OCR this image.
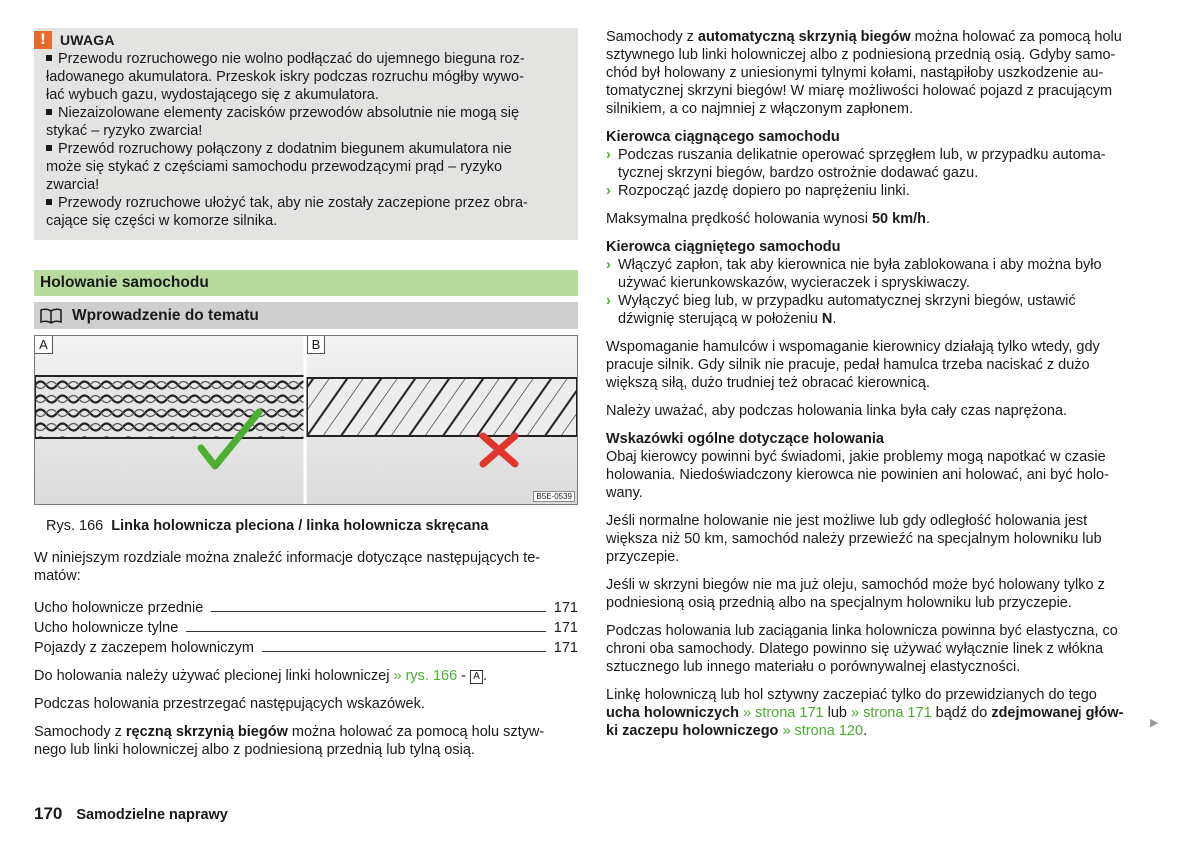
! UWAGA
Przewodu rozruchowego nie wolno podłączać do ujemnego bieguna roz-
ładowanego akumulatora. Przeskok iskry podczas rozruchu mógłby wywo-
łać wybuch gazu, wydostającego się z akumulatora.
Niezaizolowane elementy zacisków przewodów absolutnie nie mogą się
stykać – ryzyko zwarcia!
Przewód rozruchowy połączony z dodatnim biegunem akumulatora nie
może się stykać z częściami samochodu przewodzącymi prąd – ryzyko
zwarcia!
Przewody rozruchowe ułożyć tak, aby nie zostały zaczepione przez obra-
cające się części w komorze silnika.
Holowanie samochodu
Wprowadzenie do tematu
A	B
B5E-0539
Rys. 166 Linka holownicza pleciona / linka holownicza skręcana
W niniejszym rozdziale można znaleźć informacje dotyczące następujących te-
matów:
Ucho holownicze przednie	171
Ucho holownicze tylne	171
Pojazdy z zaczepem holowniczym	171
Do holowania należy używać plecionej linki holowniczej » rys. 166 - A .
Podczas holowania przestrzegać następujących wskazówek.
Samochody z ręczną skrzynią biegów można holować za pomocą holu sztyw-
nego lub linki holowniczej albo z podniesioną przednią lub tylną osią.
Samochody z automatyczną skrzynią biegów można holować za pomocą holu
sztywnego lub linki holowniczej albo z podniesioną przednią osią. Gdyby samo-
chód był holowany z uniesionymi tylnymi kołami, nastąpiłoby uszkodzenie au-
tomatycznej skrzyni biegów! W miarę możliwości holować pojazd z pracującym
silnikiem, a co najmniej z włączonym zapłonem.
Kierowca ciągnącego samochodu
› Podczas ruszania delikatnie operować sprzęgłem lub, w przypadku automa-
tycznej skrzyni biegów, bardzo ostrożnie dodawać gazu.
› Rozpocząć jazdę dopiero po naprężeniu linki.
Maksymalna prędkość holowania wynosi 50 km/h.
Kierowca ciągniętego samochodu
› Włączyć zapłon, tak aby kierownica nie była zablokowana i aby można było
używać kierunkowskazów, wycieraczek i spryskiwaczy.
› Wyłączyć bieg lub, w przypadku automatycznej skrzyni biegów, ustawić
dźwignię sterującą w położeniu N.
Wspomaganie hamulców i wspomaganie kierownicy działają tylko wtedy, gdy
pracuje silnik. Gdy silnik nie pracuje, pedał hamulca trzeba naciskać z dużo
większą siłą, dużo trudniej też obracać kierownicą.
Należy uważać, aby podczas holowania linka była cały czas naprężona.
Wskazówki ogólne dotyczące holowania
Obaj kierowcy powinni być świadomi, jakie problemy mogą napotkać w czasie
holowania. Niedoświadczony kierowca nie powinien ani holować, ani być holo-
wany.
Jeśli normalne holowanie nie jest możliwe lub gdy odległość holowania jest
większa niż 50 km, samochód należy przewieźć na specjalnym holowniku lub
przyczepie.
Jeśli w skrzyni biegów nie ma już oleju, samochód może być holowany tylko z
podniesioną osią przednią albo na specjalnym holowniku lub przyczepie.
Podczas holowania lub zaciągania linka holownicza powinna być elastyczna, co
chroni oba samochody. Dlatego powinno się używać wyłącznie linek z włókna
sztucznego lub innego materiału o porównywalnej elastyczności.
Linkę holowniczą lub hol sztywny zaczepiać tylko do przewidzianych do tego
ucha holowniczych » strona 171 lub » strona 171 bądź do zdejmowanej głów-
ki zaczepu holowniczego » strona 120.	▶
170 Samodzielne naprawy
